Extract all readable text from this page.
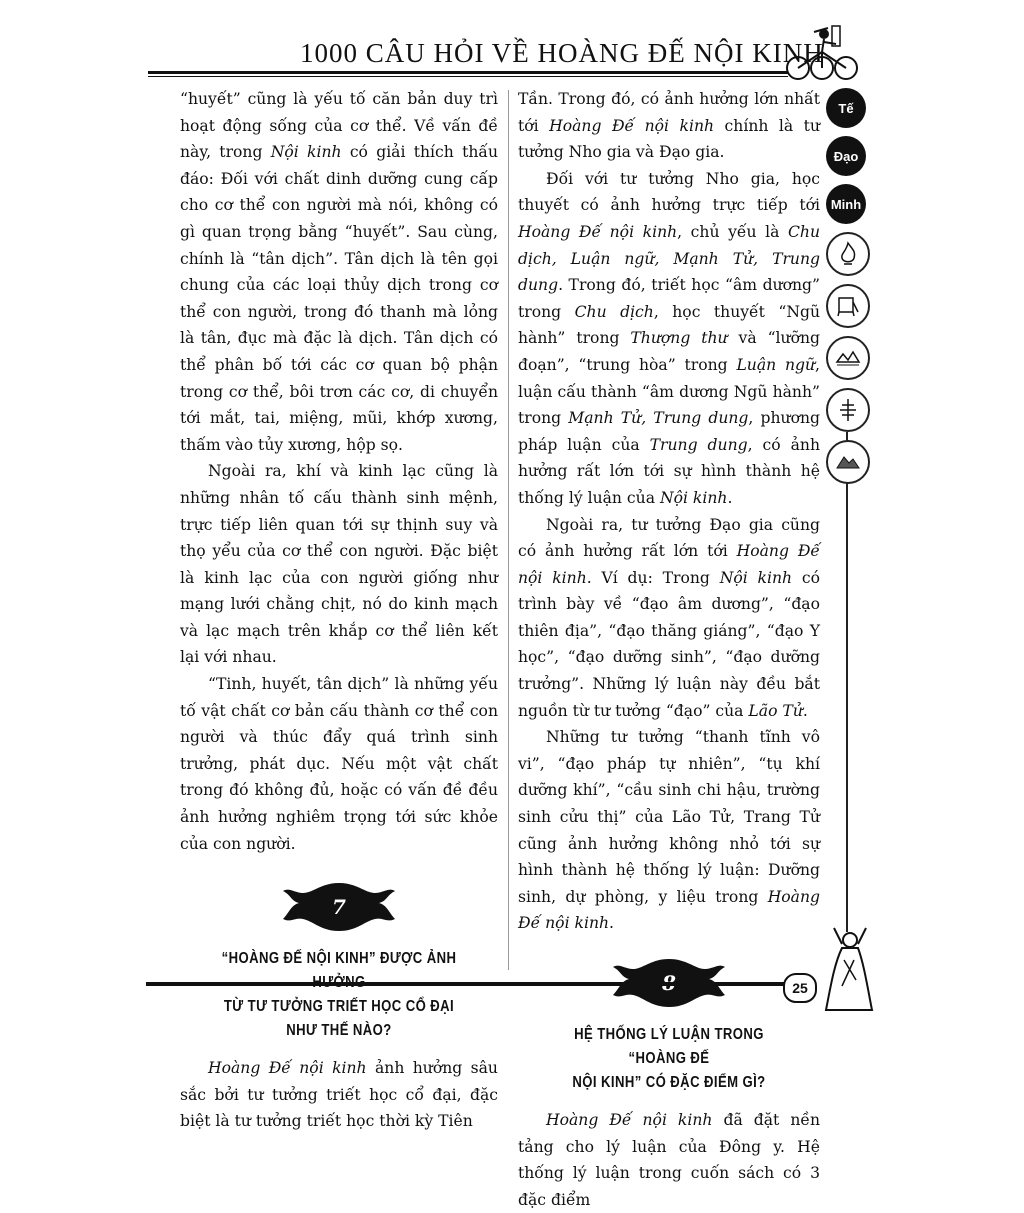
1000 CÂU HỎI VỀ HOÀNG ĐẾ NỘI KINH

“huyết” cũng là yếu tố căn bản duy trì hoạt động sống của cơ thể. Về vấn đề này, trong Nội kinh có giải thích thấu đáo: Đối với chất dinh dưỡng cung cấp cho cơ thể con người mà nói, không có gì quan trọng bằng “huyết”. Sau cùng, chính là “tân dịch”. Tân dịch là tên gọi chung của các loại thủy dịch trong cơ thể con người, trong đó thanh mà lỏng là tân, đục mà đặc là dịch. Tân dịch có thể phân bố tới các cơ quan bộ phận trong cơ thể, bôi trơn các cơ, di chuyển tới mắt, tai, miệng, mũi, khớp xương, thấm vào tủy xương, hộp sọ.

Ngoài ra, khí và kinh lạc cũng là những nhân tố cấu thành sinh mệnh, trực tiếp liên quan tới sự thịnh suy và thọ yểu của cơ thể con người. Đặc biệt là kinh lạc của con người giống như mạng lưới chằng chịt, nó do kinh mạch và lạc mạch trên khắp cơ thể liên kết lại với nhau.

“Tinh, huyết, tân dịch” là những yếu tố vật chất cơ bản cấu thành cơ thể con người và thúc đẩy quá trình sinh trưởng, phát dục. Nếu một vật chất trong đó không đủ, hoặc có vấn đề đều ảnh hưởng nghiêm trọng tới sức khỏe của con người.

7
“HOÀNG ĐẾ NỘI KINH” ĐƯỢC ẢNH
TỪ TƯ TƯỞNG TRIẾT HỌC CỔ ĐẠI
NHƯ THẾ NÀO?

Hoàng Đế nội kinh ảnh hưởng sâu sắc bởi tư tưởng triết học cổ đại, đặc biệt là tư tưởng triết học thời kỳ Tiên

Tần. Trong đó, có ảnh hưởng lớn nhất tới Hoàng Đế nội kinh chính là tư tưởng Nho gia và Đạo gia.

Đối với tư tưởng Nho gia, học thuyết có ảnh hưởng trực tiếp tới Hoàng Đế nội kinh, chủ yếu là Chu dịch, Luận ngữ, Mạnh Tử, Trung dung. Trong đó, triết học “âm dương” trong Chu dịch, học thuyết “Ngũ hành” trong Thượng thư và “lưỡng đoạn”, “trung hòa” trong Luận ngữ, luận cấu thành “âm dương Ngũ hành” trong Mạnh Tử, Trung dung, phương pháp luận của Trung dung, có ảnh hưởng rất lớn tới sự hình thành hệ thống lý luận của Nội kinh.

Ngoài ra, tư tưởng Đạo gia cũng có ảnh hưởng rất lớn tới Hoàng Đế nội kinh. Ví dụ: Trong Nội kinh có trình bày về “đạo âm dương”, “đạo thiên địa”, “đạo thăng giáng”, “đạo Y học”, “đạo dưỡng sinh”, “đạo dưỡng trưởng”. Những lý luận này đều bắt nguồn từ tư tưởng “đạo” của Lão Tử.

Những tư tưởng “thanh tĩnh vô vi”, “đạo pháp tự nhiên”, “tụ khí dưỡng khí”, “cầu sinh chi hậu, trường sinh cửu thị” của Lão Tử, Trang Tử cũng ảnh hưởng không nhỏ tới sự hình thành hệ thống lý luận: Dưỡng sinh, dự phòng, y liệu trong Hoàng Đế nội kinh.

HỆ THỐNG LÝ LUẬN TRONG “HOÀNG ĐẾ
NỘI KINH” CÓ ĐẶC ĐIỂM GÌ?

Hoàng Đế nội kinh đã đặt nền tảng cho lý luận của Đông y. Hệ thống lý luận trong cuốn sách có 3 đặc điểm

Tế
Đạo
Minh
25
